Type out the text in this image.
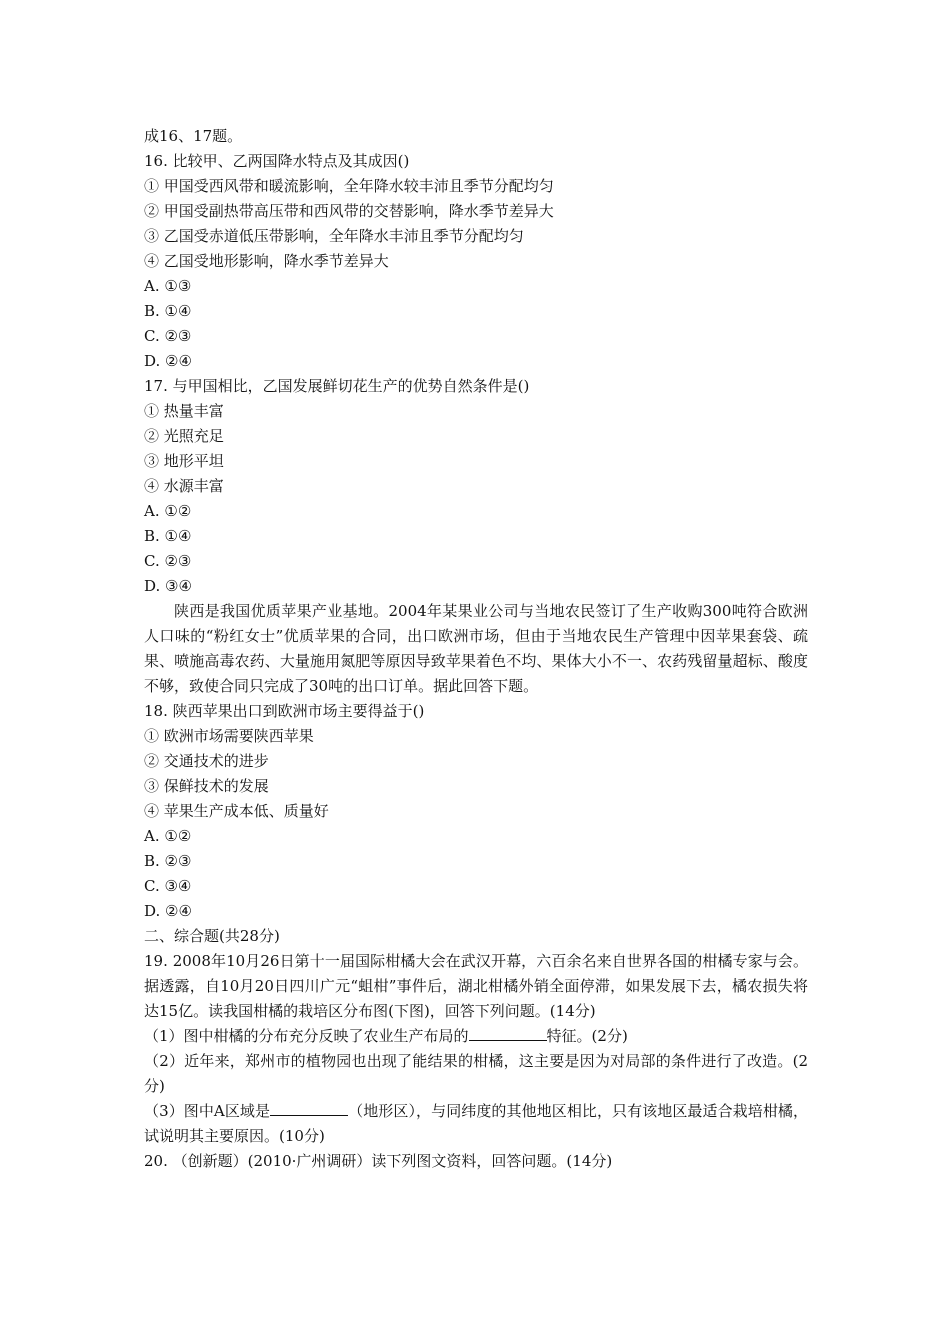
成16、17题。
16. 比较甲、乙两国降水特点及其成因()
① 甲国受西风带和暖流影响，全年降水较丰沛且季节分配均匀
② 甲国受副热带高压带和西风带的交替影响，降水季节差异大
③ 乙国受赤道低压带影响，全年降水丰沛且季节分配均匀
④ 乙国受地形影响，降水季节差异大
A. ①③
B. ①④
C. ②③
D. ②④
17. 与甲国相比，乙国发展鲜切花生产的优势自然条件是()
① 热量丰富
② 光照充足
③ 地形平坦
④ 水源丰富
A. ①②
B. ①④
C. ②③
D. ③④
陕西是我国优质苹果产业基地。2004年某果业公司与当地农民签订了生产收购300吨符合欧洲人口味的“粉红女士”优质苹果的合同，出口欧洲市场，但由于当地农民生产管理中因苹果套袋、疏果、喷施高毒农药、大量施用氮肥等原因导致苹果着色不均、果体大小不一、农药残留量超标、酸度不够，致使合同只完成了30吨的出口订单。据此回答下题。
18. 陕西苹果出口到欧洲市场主要得益于()
① 欧洲市场需要陕西苹果
② 交通技术的进步
③ 保鲜技术的发展
④ 苹果生产成本低、质量好
A. ①②
B. ②③
C. ③④
D. ②④
二、综合题(共28分)
19. 2008年10月26日第十一届国际柑橘大会在武汉开幕，六百余名来自世界各国的柑橘专家与会。据透露，自10月20日四川广元“蛆柑”事件后，湖北柑橘外销全面停滞，如果发展下去，橘农损失将达15亿。读我国柑橘的栽培区分布图(下图)，回答下列问题。(14分)
（1）图中柑橘的分布充分反映了农业生产布局的	特征。(2分)
（2）近年来，郑州市的植物园也出现了能结果的柑橘，这主要是因为对局部的条件进行了改造。(2分)
（3）图中A区域是	（地形区），与同纬度的其他地区相比，只有该地区最适合栽培柑橘，试说明其主要原因。(10分)
20. （创新题）(2010·广州调研）读下列图文资料，回答问题。(14分)
